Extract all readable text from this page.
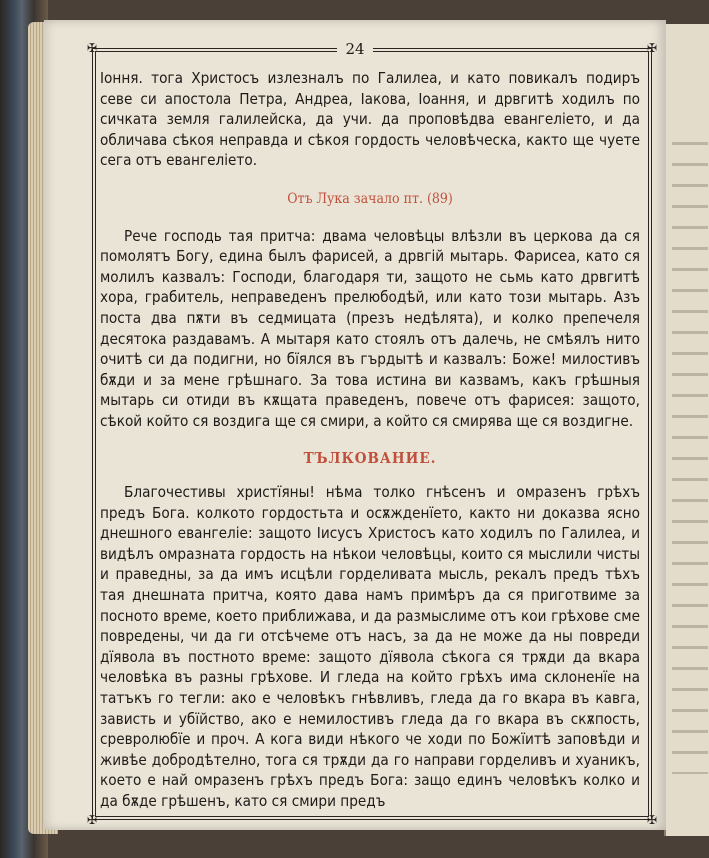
✠	✠
✠	✠
24

Іоння. тога Христосъ излезналъ по Галилеа, и като повикалъ подиръ севе си апостола Петра, Андреа, Іакова, Іоання, и дрвгитѣ ходилъ по сичката земля галилейска, да учи. да проповѣдва евангеліето, и да обличава сѣкоя неправда и сѣкоя гордость человѣческа, както ще чуете сега отъ евангеліето.

Отъ Лука зачало пт. (89)

Рече господь тая притча: двама человѣцы влѣзли въ церкова да ся помолятъ Богу, едина былъ фарисей, а дрвгій мытарь. Фарисеа, като ся молилъ казвалъ: Господи, благодаря ти, защото не сьмь като дрвгитѣ хора, грабитель, неправеденъ прелюбодѣй, или като този мытарь. Азъ поста два пѫти въ седмицата (презъ недѣлята), и колко препечеля десятока раздавамъ. А мытаря като стоялъ отъ далечь, не смѣялъ нито очитѣ си да подигни, но бїялся въ гърдытѣ и казвалъ: Боже! милостивъ бѫди и за мене грѣшнаго. За това истина ви казвамъ, какъ грѣшныя мытарь си отиди въ кѫщата праведенъ, повече отъ фарисея: защото, сѣкой който ся воздига ще ся смири, а който ся смирява ще ся воздигне.

ТЪЛКОВАНИЕ.

Благочестивы христїяны! нѣма толко гнѣсенъ и омразенъ грѣхъ предъ Бога. колкото гордостьта и осѫжденїето, както ни доказва ясно днешного евангеліе: защото Іисусъ Христосъ като ходилъ по Галилеа, и видѣлъ омразната гордость на нѣкои человѣцы, които ся мыслили чисты и праведны, за да имъ исцѣли горделивата мысль, рекалъ предъ тѣхъ тая днешната притча, която дава намъ примѣръ да ся приготвиме за посното време, което приближава, и да размыслиме отъ кои грѣхове сме повредены, чи да ги отсѣчеме отъ насъ, за да не може да ны повреди дїявола въ постното време: защото дїявола сѣкога ся трѫди да вкара человѣка въ разны грѣхове. И гледа на който грѣхъ има склоненїе на татъкъ го тегли: ако е человѣкъ гнѣвливъ, гледа да го вкара въ кавга, зависть и убїйство, ако е немилостивъ гледа да го вкара въ скѫпость, сревролюбїе и проч. А кога види нѣкого че ходи по Божїитѣ заповѣди и живѣе добродѣтелно, тога ся трѫди да го направи горделивъ и хуаникъ, което е най омразенъ грѣхъ предъ Бога: защо единъ человѣкъ колко и да бѫде грѣшенъ, като ся смири предъ
